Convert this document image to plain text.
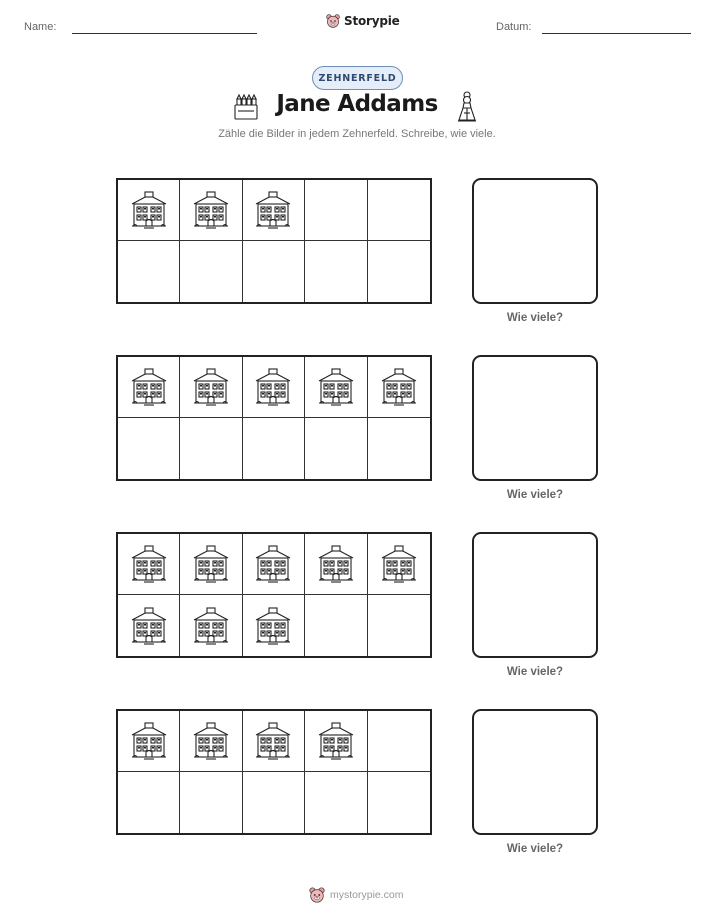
Name:	Storypie	Datum:
ZEHNERFELD
Jane Addams
Zähle die Bilder in jedem Zehnerfeld. Schreibe, wie viele.
Wie viele?
Wie viele?
Wie viele?
Wie viele?
mystorypie.com
